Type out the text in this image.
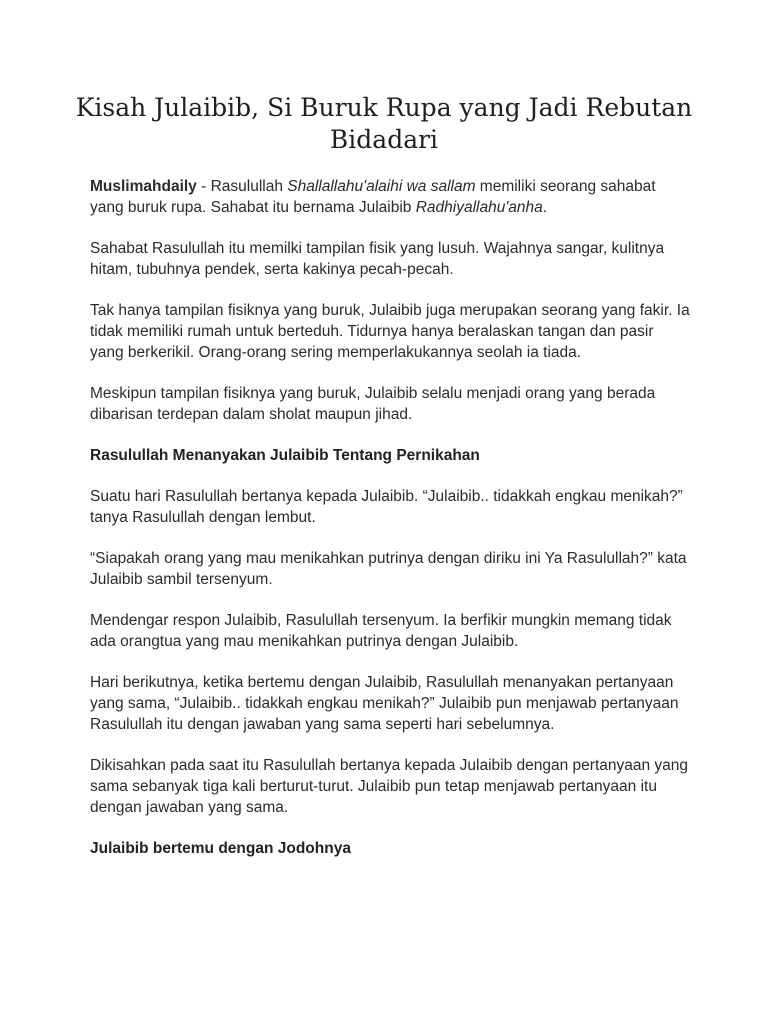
Kisah Julaibib, Si Buruk Rupa yang Jadi Rebutan Bidadari

Muslimahdaily - Rasulullah Shallallahu'alaihi wa sallam memiliki seorang sahabat yang buruk rupa. Sahabat itu bernama Julaibib Radhiyallahu'anha.

Sahabat Rasulullah itu memilki tampilan fisik yang lusuh. Wajahnya sangar, kulitnya hitam, tubuhnya pendek, serta kakinya pecah-pecah.

Tak hanya tampilan fisiknya yang buruk, Julaibib juga merupakan seorang yang fakir. Ia tidak memiliki rumah untuk berteduh. Tidurnya hanya beralaskan tangan dan pasir yang berkerikil. Orang-orang sering memperlakukannya seolah ia tiada.

Meskipun tampilan fisiknya yang buruk, Julaibib selalu menjadi orang yang berada dibarisan terdepan dalam sholat maupun jihad.

Rasulullah Menanyakan Julaibib Tentang Pernikahan

Suatu hari Rasulullah bertanya kepada Julaibib. “Julaibib.. tidakkah engkau menikah?” tanya Rasulullah dengan lembut.

“Siapakah orang yang mau menikahkan putrinya dengan diriku ini Ya Rasulullah?” kata Julaibib sambil tersenyum.

Mendengar respon Julaibib, Rasulullah tersenyum. Ia berfikir mungkin memang tidak ada orangtua yang mau menikahkan putrinya dengan Julaibib.

Hari berikutnya, ketika bertemu dengan Julaibib, Rasulullah menanyakan pertanyaan yang sama, “Julaibib.. tidakkah engkau menikah?” Julaibib pun menjawab pertanyaan Rasulullah itu dengan jawaban yang sama seperti hari sebelumnya.

Dikisahkan pada saat itu Rasulullah bertanya kepada Julaibib dengan pertanyaan yang sama sebanyak tiga kali berturut-turut. Julaibib pun tetap menjawab pertanyaan itu dengan jawaban yang sama.

Julaibib bertemu dengan Jodohnya
